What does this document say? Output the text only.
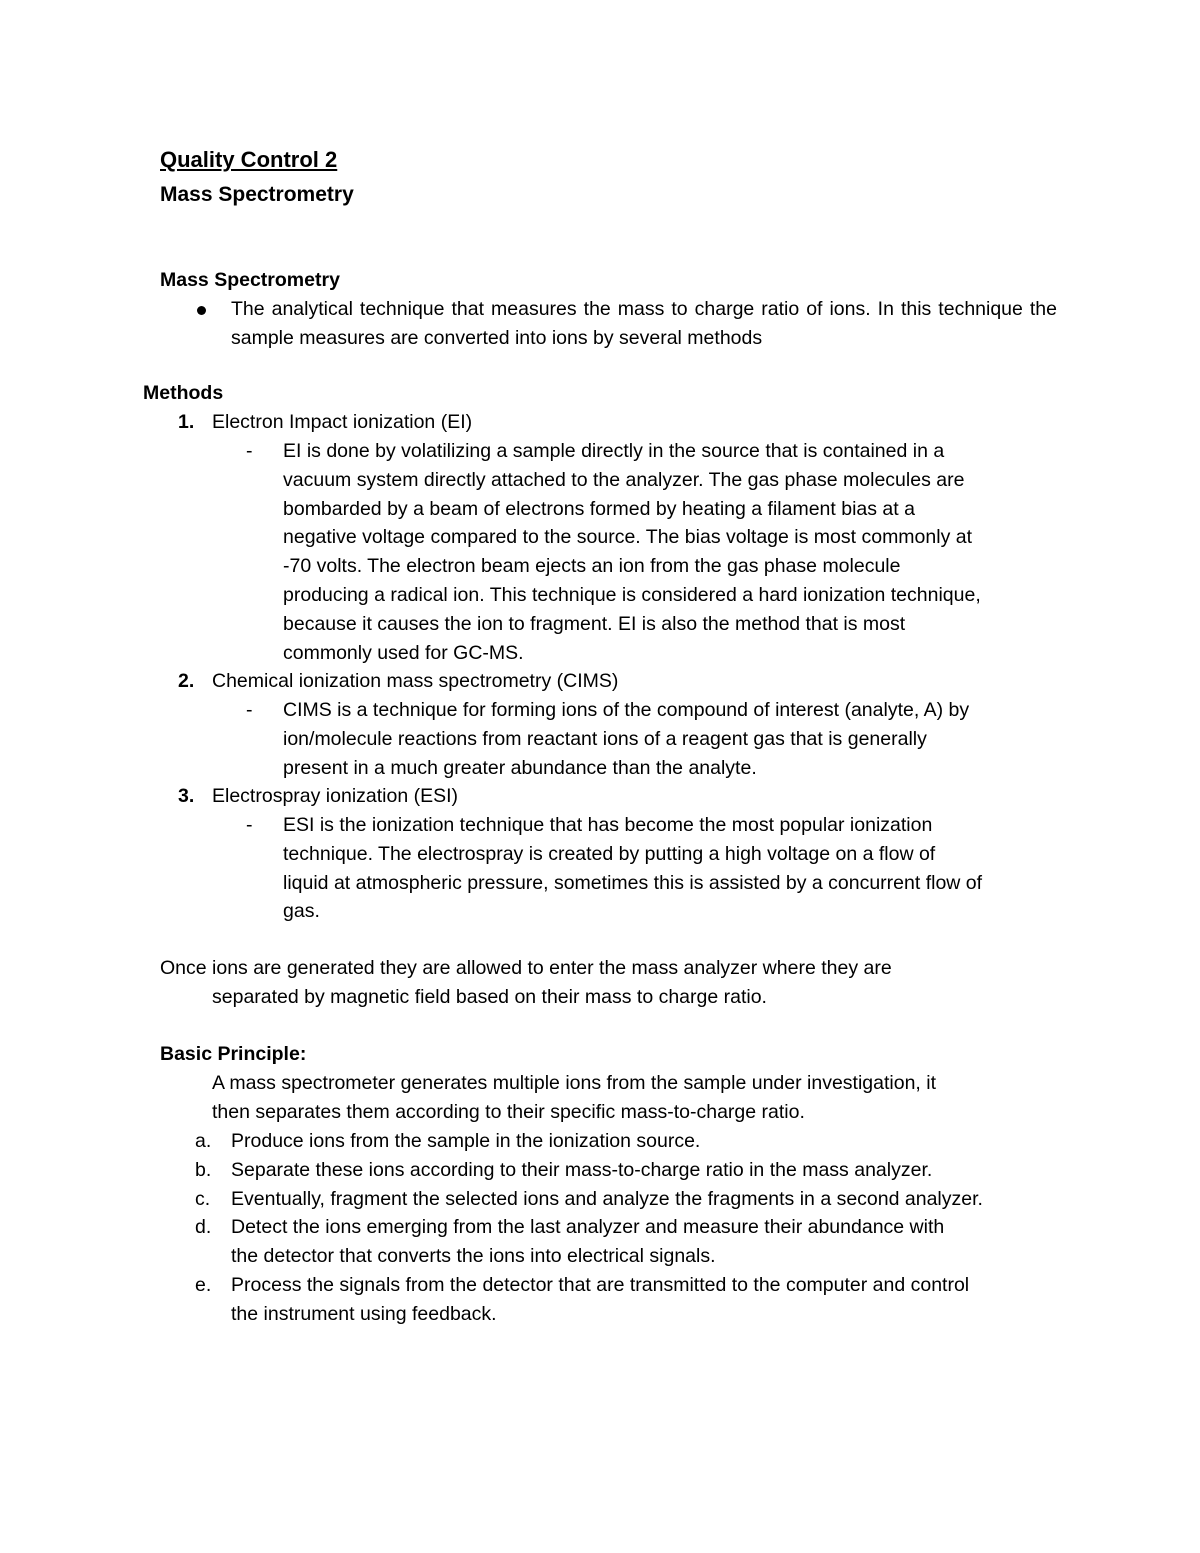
Quality Control 2
Mass Spectrometry
Mass Spectrometry
The analytical technique that measures the mass to charge ratio of ions. In this technique the sample measures are converted into ions by several methods
Methods
1. Electron Impact ionization (EI)
- EI is done by volatilizing a sample directly in the source that is contained in a
vacuum system directly attached to the analyzer. The gas phase molecules are
bombarded by a beam of electrons formed by heating a filament bias at a
negative voltage compared to the source. The bias voltage is most commonly at
-70 volts. The electron beam ejects an ion from the gas phase molecule
producing a radical ion. This technique is considered a hard ionization technique,
because it causes the ion to fragment. EI is also the method that is most
commonly used for GC-MS.
2. Chemical ionization mass spectrometry (CIMS)
- CIMS is a technique for forming ions of the compound of interest (analyte, A) by
ion/molecule reactions from reactant ions of a reagent gas that is generally
present in a much greater abundance than the analyte.
3. Electrospray ionization (ESI)
- ESI is the ionization technique that has become the most popular ionization
technique. The electrospray is created by putting a high voltage on a flow of
liquid at atmospheric pressure, sometimes this is assisted by a concurrent flow of
gas.
Once ions are generated they are allowed to enter the mass analyzer where they are
separated by magnetic field based on their mass to charge ratio.
Basic Principle:
A mass spectrometer generates multiple ions from the sample under investigation, it
then separates them according to their specific mass-to-charge ratio.
a. Produce ions from the sample in the ionization source.
b. Separate these ions according to their mass-to-charge ratio in the mass analyzer.
c. Eventually, fragment the selected ions and analyze the fragments in a second analyzer.
d. Detect the ions emerging from the last analyzer and measure their abundance with
the detector that converts the ions into electrical signals.
e. Process the signals from the detector that are transmitted to the computer and control
the instrument using feedback.
